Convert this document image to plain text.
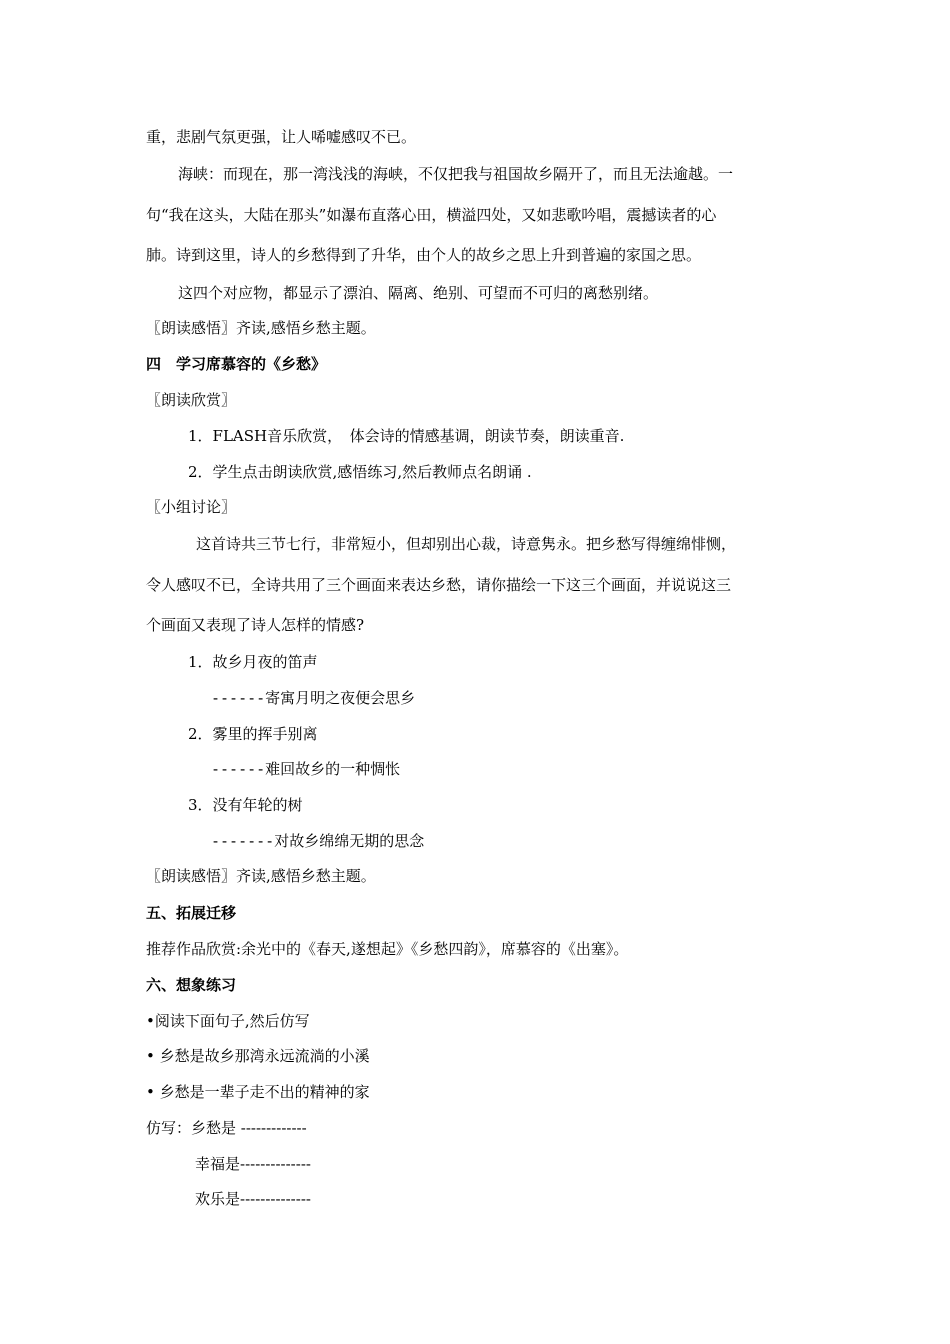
重，悲剧气氛更强，让人唏嘘感叹不已。
海峡：而现在，那一湾浅浅的海峡，不仅把我与祖国故乡隔开了，而且无法逾越。一
句“我在这头，大陆在那头”如瀑布直落心田，横溢四处，又如悲歌吟唱，震撼读者的心
肺。诗到这里，诗人的乡愁得到了升华，由个人的故乡之思上升到普遍的家国之思。
这四个对应物，都显示了漂泊、隔离、绝别、可望而不可归的离愁别绪。
〖朗读感悟〗齐读,感悟乡愁主题。
四　学习席慕容的《乡愁》
〖朗读欣赏〗
1．FLASH音乐欣赏，　体会诗的情感基调，朗读节奏，朗读重音.
2．学生点击朗读欣赏,感悟练习,然后教师点名朗诵 .
〖小组讨论〗
这首诗共三节七行，非常短小，但却别出心裁，诗意隽永。把乡愁写得缠绵悱恻，
令人感叹不已，全诗共用了三个画面来表达乡愁，请你描绘一下这三个画面，并说说这三
个画面又表现了诗人怎样的情感?
1．故乡月夜的笛声
------寄寓月明之夜便会思乡
2．雾里的挥手别离
------难回故乡的一种惆怅
3．没有年轮的树
-------对故乡绵绵无期的思念
〖朗读感悟〗齐读,感悟乡愁主题。
五、拓展迁移
推荐作品欣赏:余光中的《春天,遂想起》《乡愁四韵》，席慕容的《出塞》。
六、想象练习
•阅读下面句子,然后仿写
• 乡愁是故乡那湾永远流淌的小溪
• 乡愁是一辈子走不出的精神的家
仿写：乡愁是 -------------
幸福是--------------
欢乐是--------------
